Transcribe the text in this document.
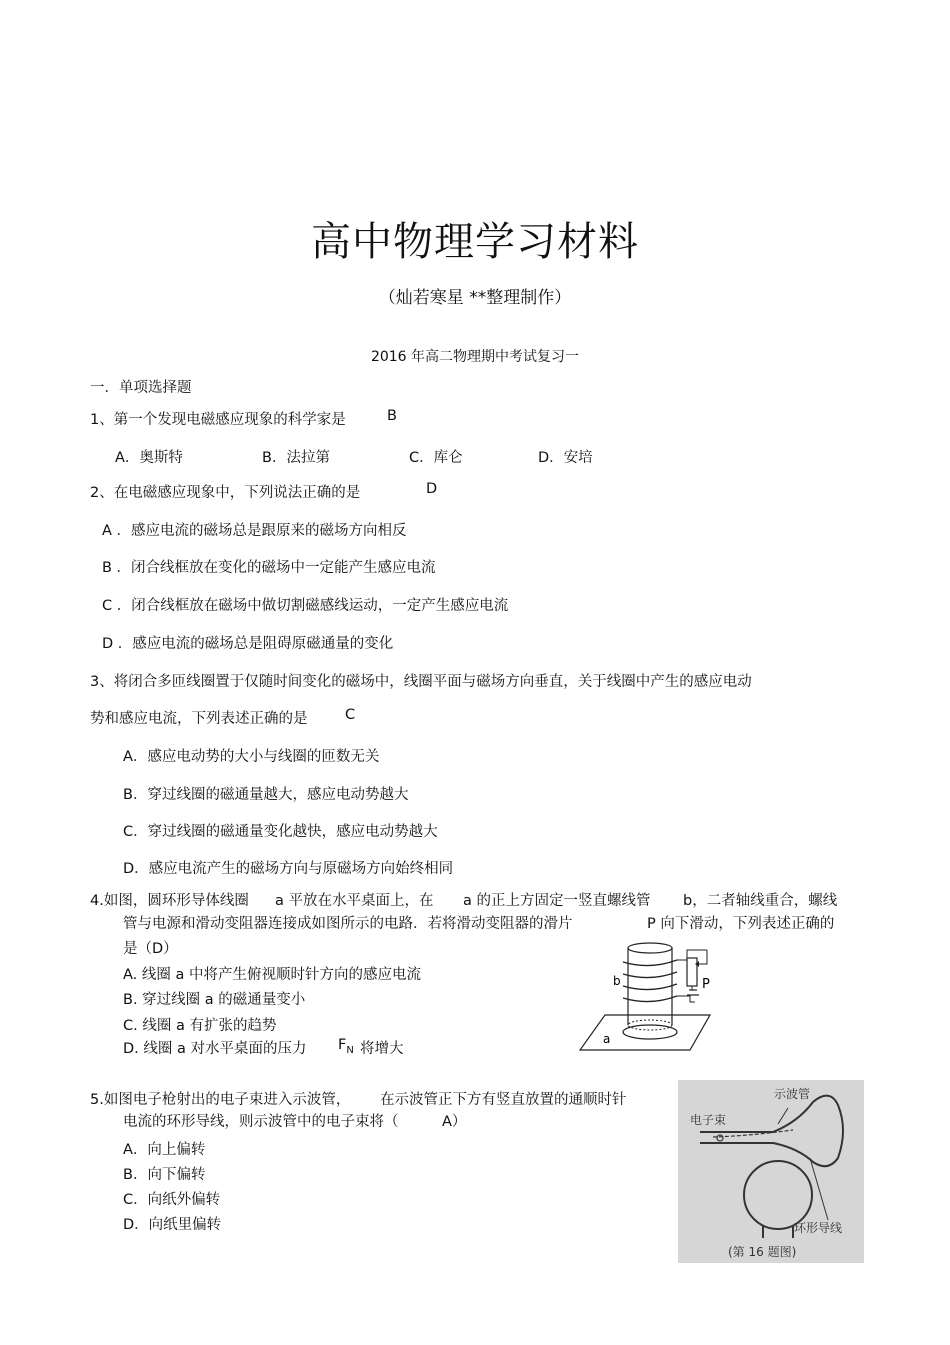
高中物理学习材料
（灿若寒星 **整理制作）
2016 年高二物理期中考试复习一
一．单项选择题
1、第一个发现电磁感应现象的科学家是	B
A．奥斯特	B．法拉第	C．库仑	D．安培
2、在电磁感应现象中，下列说法正确的是	D
A ．感应电流的磁场总是跟原来的磁场方向相反
B ．闭合线框放在变化的磁场中一定能产生感应电流
C ．闭合线框放在磁场中做切割磁感线运动，一定产生感应电流
D ．感应电流的磁场总是阻碍原磁通量的变化
3、将闭合多匝线圈置于仅随时间变化的磁场中，线圈平面与磁场方向垂直，关于线圈中产生的感应电动
势和感应电流，下列表述正确的是	C
A．感应电动势的大小与线圈的匝数无关
B．穿过线圈的磁通量越大，感应电动势越大
C．穿过线圈的磁通量变化越快，感应电动势越大
D．感应电流产生的磁场方向与原磁场方向始终相同
4.如图，圆环形导体线圈 a 平放在水平桌面上，在 a 的正上方固定一竖直螺线管 b，二者轴线重合，螺线
管与电源和滑动变阻器连接成如图所示的电路．若将滑动变阻器的滑片	P 向下滑动，下列表述正确的
是（D）
A. 线圈 a 中将产生俯视顺时针方向的感应电流
B. 穿过线圈 a 的磁通量变小
C. 线圈 a 有扩张的趋势
D. 线圈 a 对水平桌面的压力 $F_N$ 将增大
b	P
a
5.如图电子枪射出的电子束进入示波管， 在示波管正下方有竖直放置的通顺时针
电流的环形导线，则示波管中的电子束将（	A）
A．向上偏转
B．向下偏转
C．向纸外偏转
D．向纸里偏转
示波管
电子束
环形导线
(第 16 题图)
